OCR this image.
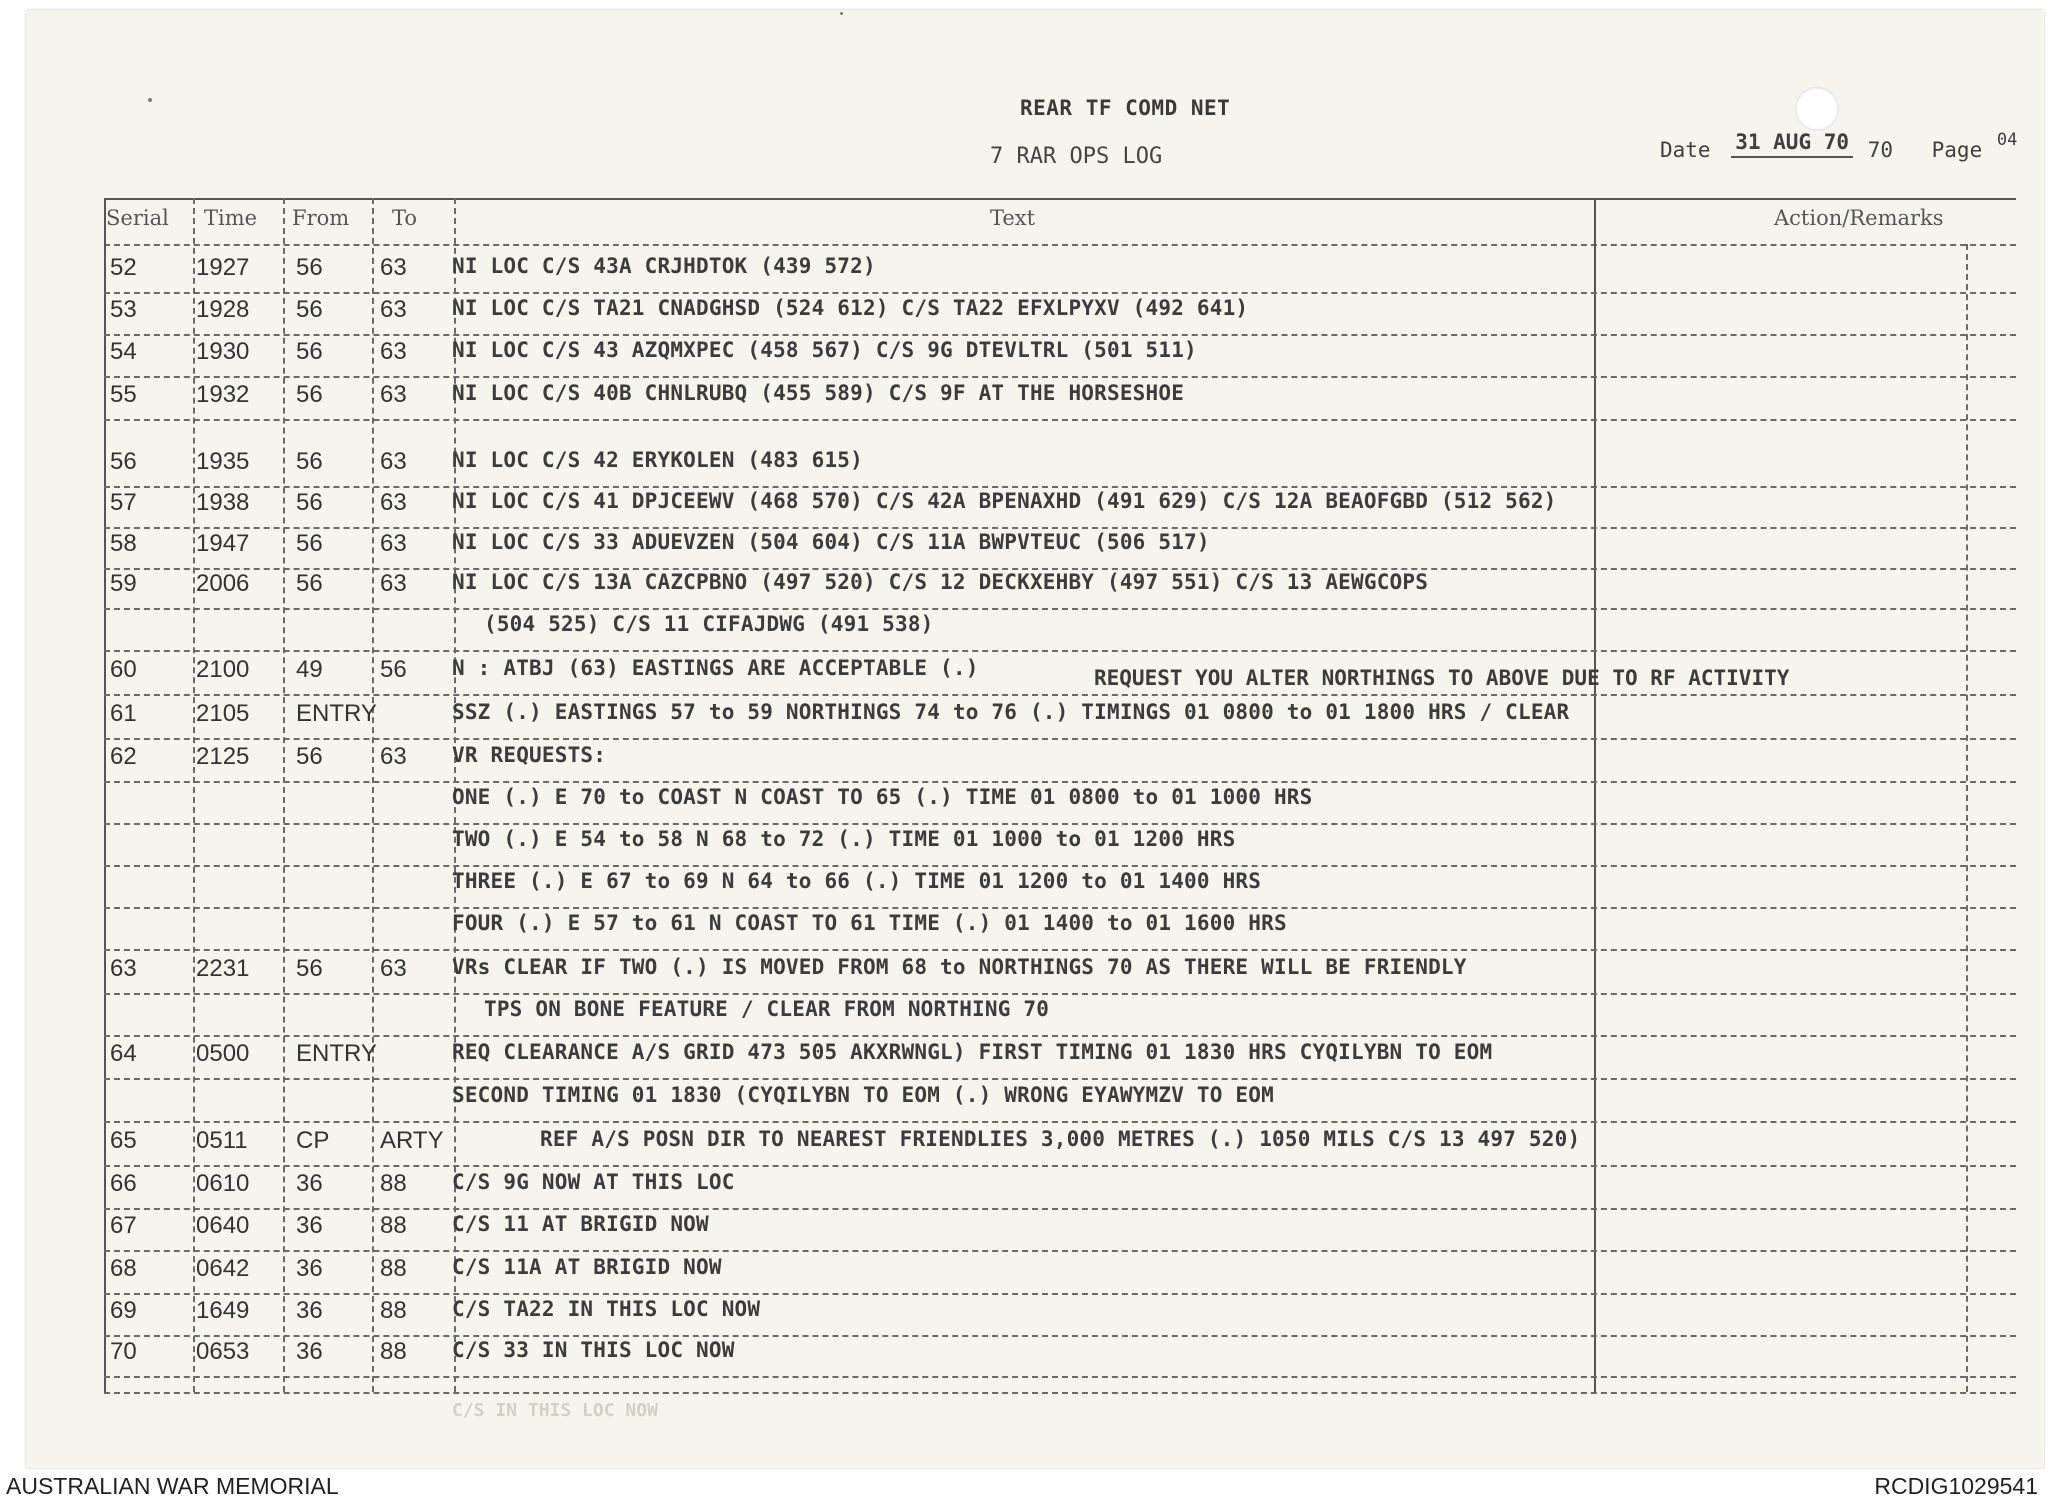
REAR TF COMD NET
7 RAR OPS LOG	Date 31 AUG 70 70 Page 04
Serial Time From To	Text	Action/Remarks
52 1927 56 63 NI LOC C/S 43A CRJHDTOK (439 572)
53 1928 56 63 NI LOC C/S TA21 CNADGHSD (524 612) C/S TA22 EFXLPYXV (492 641)
54 1930 56 63 NI LOC C/S 43 AZQMXPEC (458 567) C/S 9G DTEVLTRL (501 511)
55 1932 56 63 NI LOC C/S 40B CHNLRUBQ (455 589) C/S 9F AT THE HORSESHOE
56 1935 56 63 NI LOC C/S 42 ERYKOLEN (483 615)
57 1938 56 63 NI LOC C/S 41 DPJCEEWV (468 570) C/S 42A BPENAXHD (491 629) C/S 12A BEAOFGBD (512 562)
58 1947 56 63 NI LOC C/S 33 ADUEVZEN (504 604) C/S 11A BWPVTEUC (506 517)
59 2006 56 63 NI LOC C/S 13A CAZCPBNO (497 520) C/S 12 DECKXEHBY (497 551) C/S 13 AEWGCOPS
(504 525) C/S 11 CIFAJDWG (491 538)
60 2100 49 56 N : ATBJ (63) EASTINGS ARE ACCEPTABLE (.)	REQUEST YOU ALTER NORTHINGS TO ABOVE DUE TO RF ACTIVITY
61 2105 ENTRY	SSZ (.) EASTINGS 57 to 59 NORTHINGS 74 to 76 (.) TIMINGS 01 0800 to 01 1800 HRS / CLEAR
62 2125 56 63 VR REQUESTS:
ONE (.) E 70 to COAST N COAST TO 65 (.) TIME 01 0800 to 01 1000 HRS
TWO (.) E 54 to 58 N 68 to 72 (.) TIME 01 1000 to 01 1200 HRS
THREE (.) E 67 to 69 N 64 to 66 (.) TIME 01 1200 to 01 1400 HRS
FOUR (.) E 57 to 61 N COAST TO 61 TIME (.) 01 1400 to 01 1600 HRS
63 2231 56 63 VRs CLEAR IF TWO (.) IS MOVED FROM 68 to NORTHINGS 70 AS THERE WILL BE FRIENDLY
TPS ON BONE FEATURE / CLEAR FROM NORTHING 70
64 0500 ENTRY	REQ CLEARANCE A/S GRID 473 505 AKXRWNGL) FIRST TIMING 01 1830 HRS CYQILYBN TO EOM
SECOND TIMING 01 1830 (CYQILYBN TO EOM (.) WRONG EYAWYMZV TO EOM
65 0511 CP ARTY	REF A/S POSN DIR TO NEAREST FRIENDLIES 3,000 METRES (.) 1050 MILS C/S 13 497 520)
66 0610 36 88 C/S 9G NOW AT THIS LOC
67 0640 36 88 C/S 11 AT BRIGID NOW
68 0642 36 88 C/S 11A AT BRIGID NOW
69 1649 36 88 C/S TA22 IN THIS LOC NOW
70 0653 36 88 C/S 33 IN THIS LOC NOW
C/S IN THIS LOC NOW
AUSTRALIAN WAR MEMORIAL	RCDIG1029541
